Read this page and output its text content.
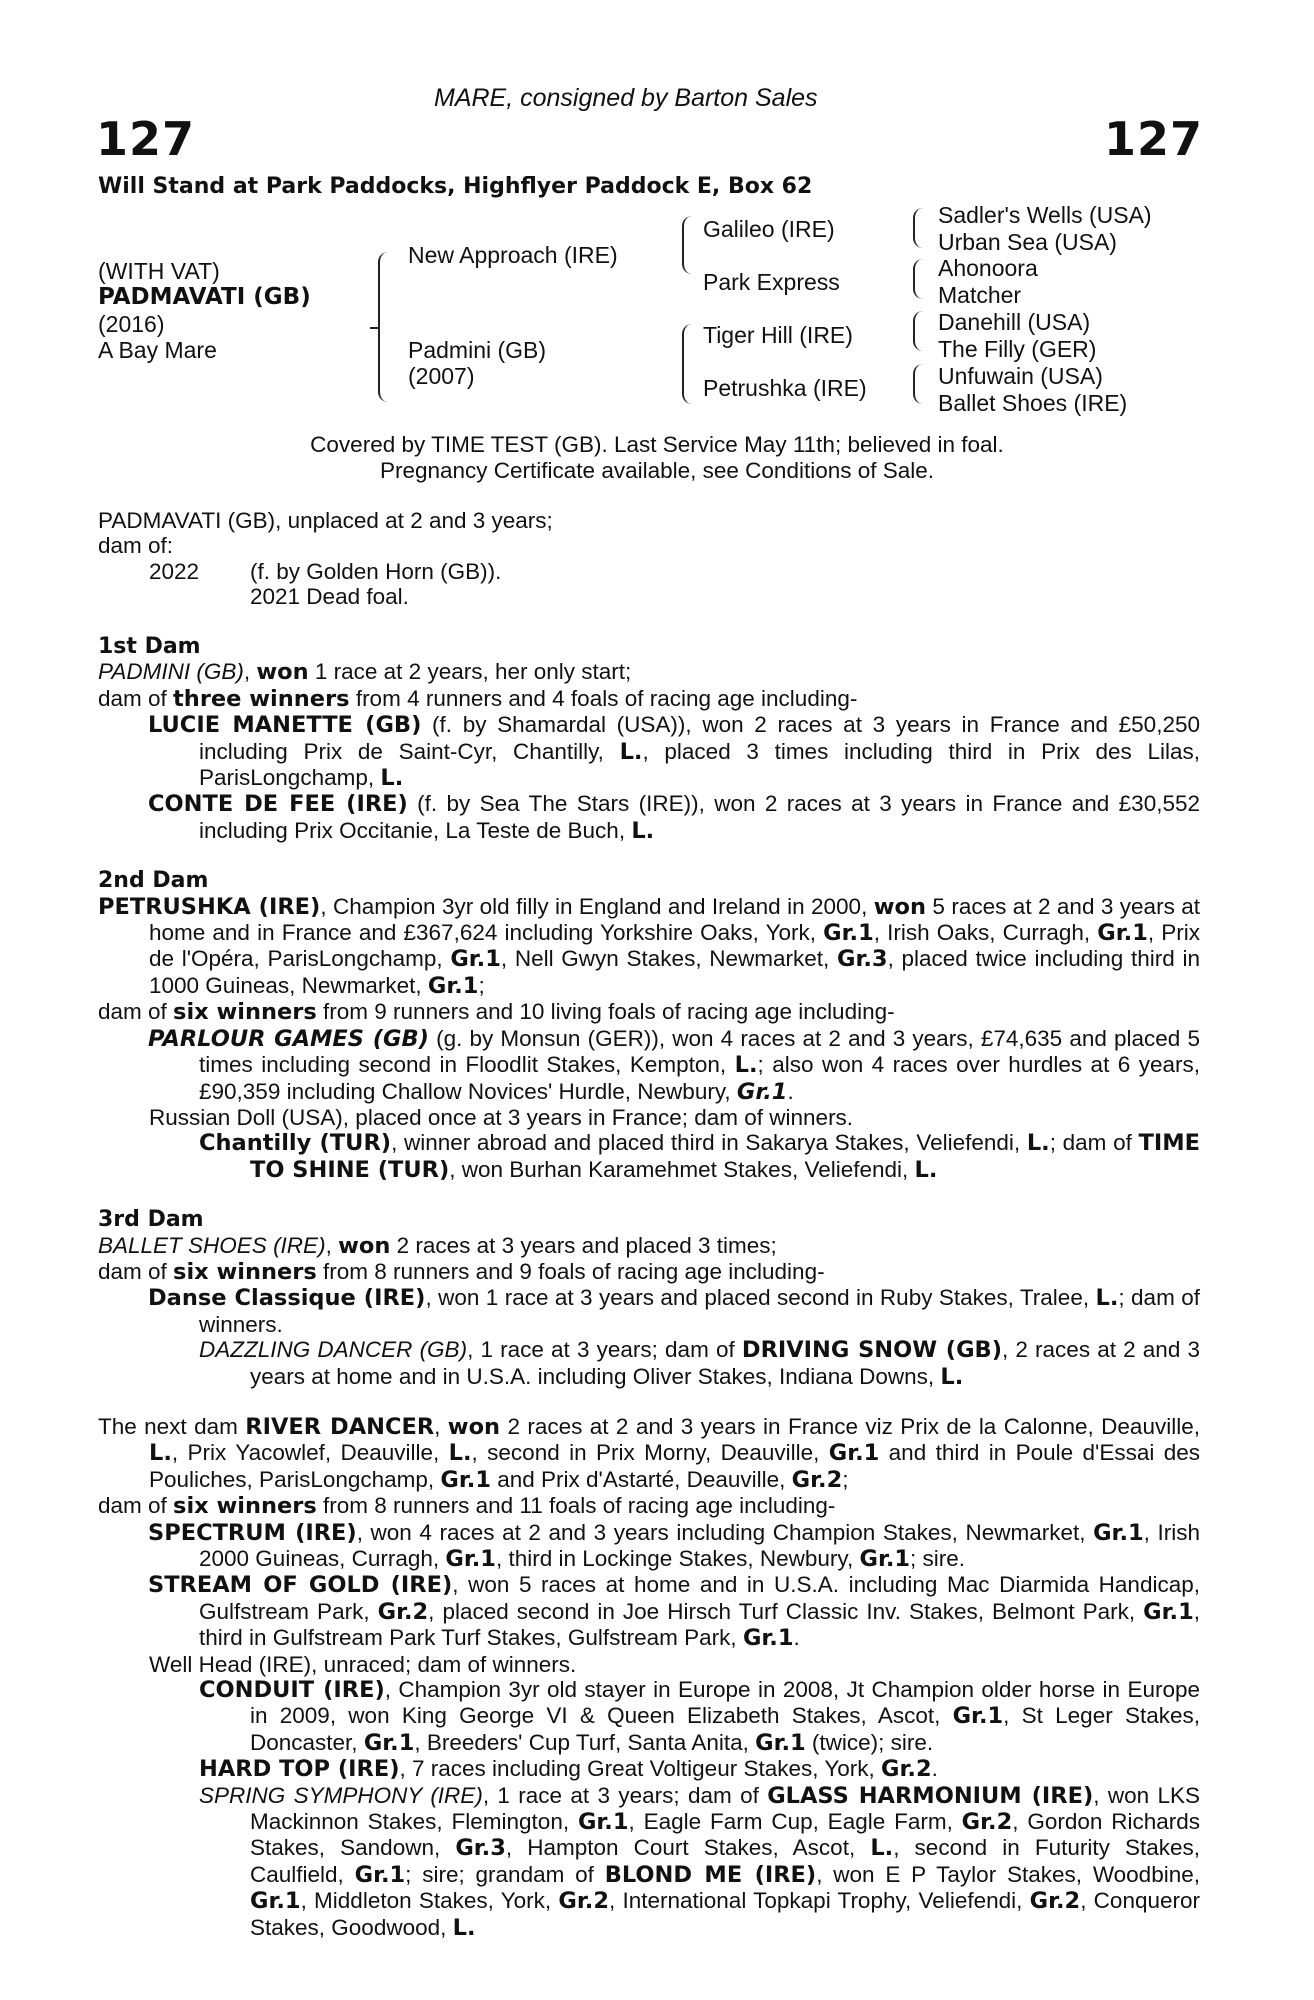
MARE, consigned by Barton Sales
127	127
Will Stand at Park Paddocks, Highflyer Paddock E, Box 62
(WITH VAT)
PADMAVATI (GB)
(2016)
A Bay Mare
New Approach (IRE)
Padmini (GB)
(2007)
Galileo (IRE)
Park Express
Tiger Hill (IRE)
Petrushka (IRE)
Sadler's Wells (USA)
Urban Sea (USA)
Ahonoora
Matcher
Danehill (USA)
The Filly (GER)
Unfuwain (USA)
Ballet Shoes (IRE)
Covered by TIME TEST (GB). Last Service May 11th; believed in foal.
Pregnancy Certificate available, see Conditions of Sale.
PADMAVATI (GB), unplaced at 2 and 3 years;
dam of:
2022 (f. by Golden Horn (GB)).
2021 Dead foal.
1st Dam

PADMINI (GB), won 1 race at 2 years, her only start;

dam of three winners from 4 runners and 4 foals of racing age including-

LUCIE MANETTE (GB) (f. by Shamardal (USA)), won 2 races at 3 years in France and £50,250 including Prix de Saint-Cyr, Chantilly, L., placed 3 times including third in Prix des Lilas, ParisLongchamp, L.

CONTE DE FEE (IRE) (f. by Sea The Stars (IRE)), won 2 races at 3 years in France and £30,552 including Prix Occitanie, La Teste de Buch, L.

2nd Dam

PETRUSHKA (IRE), Champion 3yr old filly in England and Ireland in 2000, won 5 races at 2 and 3 years at home and in France and £367,624 including Yorkshire Oaks, York, Gr.1, Irish Oaks, Curragh, Gr.1, Prix de l'Opéra, ParisLongchamp, Gr.1, Nell Gwyn Stakes, Newmarket, Gr.3, placed twice including third in 1000 Guineas, Newmarket, Gr.1;

dam of six winners from 9 runners and 10 living foals of racing age including-

PARLOUR GAMES (GB) (g. by Monsun (GER)), won 4 races at 2 and 3 years, £74,635 and placed 5 times including second in Floodlit Stakes, Kempton, L.; also won 4 races over hurdles at 6 years, £90,359 including Challow Novices' Hurdle, Newbury, Gr.1.

Russian Doll (USA), placed once at 3 years in France; dam of winners.

Chantilly (TUR), winner abroad and placed third in Sakarya Stakes, Veliefendi, L.; dam of TIME TO SHINE (TUR), won Burhan Karamehmet Stakes, Veliefendi, L.

3rd Dam

BALLET SHOES (IRE), won 2 races at 3 years and placed 3 times;

dam of six winners from 8 runners and 9 foals of racing age including-

Danse Classique (IRE), won 1 race at 3 years and placed second in Ruby Stakes, Tralee, L.; dam of winners.

DAZZLING DANCER (GB), 1 race at 3 years; dam of DRIVING SNOW (GB), 2 races at 2 and 3 years at home and in U.S.A. including Oliver Stakes, Indiana Downs, L.

The next dam RIVER DANCER, won 2 races at 2 and 3 years in France viz Prix de la Calonne, Deauville, L., Prix Yacowlef, Deauville, L., second in Prix Morny, Deauville, Gr.1 and third in Poule d'Essai des Pouliches, ParisLongchamp, Gr.1 and Prix d'Astarté, Deauville, Gr.2;

dam of six winners from 8 runners and 11 foals of racing age including-

SPECTRUM (IRE), won 4 races at 2 and 3 years including Champion Stakes, Newmarket, Gr.1, Irish 2000 Guineas, Curragh, Gr.1, third in Lockinge Stakes, Newbury, Gr.1; sire.

STREAM OF GOLD (IRE), won 5 races at home and in U.S.A. including Mac Diarmida Handicap, Gulfstream Park, Gr.2, placed second in Joe Hirsch Turf Classic Inv. Stakes, Belmont Park, Gr.1, third in Gulfstream Park Turf Stakes, Gulfstream Park, Gr.1.

Well Head (IRE), unraced; dam of winners.

CONDUIT (IRE), Champion 3yr old stayer in Europe in 2008, Jt Champion older horse in Europe in 2009, won King George VI & Queen Elizabeth Stakes, Ascot, Gr.1, St Leger Stakes, Doncaster, Gr.1, Breeders' Cup Turf, Santa Anita, Gr.1 (twice); sire.

HARD TOP (IRE), 7 races including Great Voltigeur Stakes, York, Gr.2.

SPRING SYMPHONY (IRE), 1 race at 3 years; dam of GLASS HARMONIUM (IRE), won LKS Mackinnon Stakes, Flemington, Gr.1, Eagle Farm Cup, Eagle Farm, Gr.2, Gordon Richards Stakes, Sandown, Gr.3, Hampton Court Stakes, Ascot, L., second in Futurity Stakes, Caulfield, Gr.1; sire; grandam of BLOND ME (IRE), won E P Taylor Stakes, Woodbine, Gr.1, Middleton Stakes, York, Gr.2, International Topkapi Trophy, Veliefendi, Gr.2, Conqueror Stakes, Goodwood, L.
